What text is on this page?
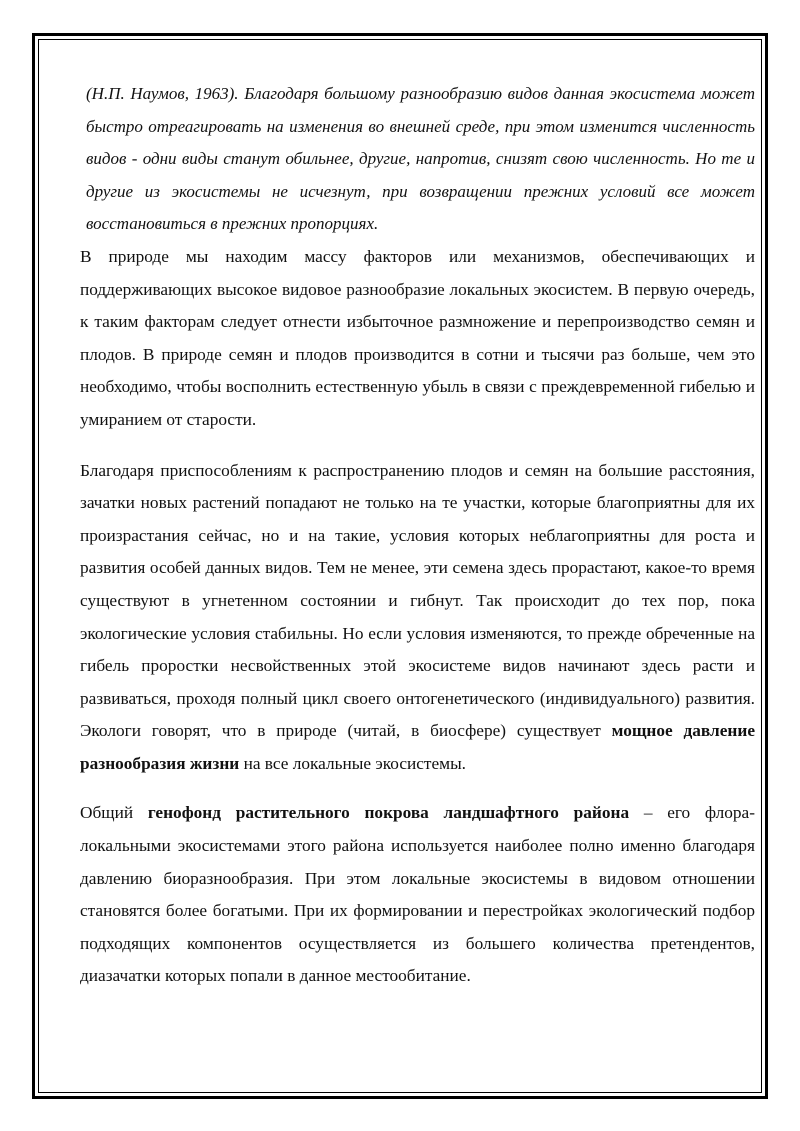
(Н.П. Наумов, 1963). Благодаря большому разнообразию видов данная экосистема может быстро отреагировать на изменения во внешней среде, при этом изменится численность видов - одни виды станут обильнее, другие, напротив, снизят свою численность. Но те и другие из экосистемы не исчезнут, при возвращении прежних условий все может восстановиться в прежних пропорциях.

В природе мы находим массу факторов или механизмов, обеспечивающих и поддерживающих высокое видовое разнообразие локальных экосистем. В первую очередь, к таким факторам следует отнести избыточное размножение и перепроизводство семян и плодов. В природе семян и плодов производится в сотни и тысячи раз больше, чем это необходимо, чтобы восполнить естественную убыль в связи с преждевременной гибелью и умиранием от старости.

Благодаря приспособлениям к распространению плодов и семян на большие расстояния, зачатки новых растений попадают не только на те участки, которые благоприятны для их произрастания сейчас, но и на такие, условия которых неблагоприятны для роста и развития особей данных видов. Тем не менее, эти семена здесь прорастают, какое-то время существуют в угнетенном состоянии и гибнут. Так происходит до тех пор, пока экологические условия стабильны. Но если условия изменяются, то прежде обреченные на гибель проростки несвойственных этой экосистеме видов начинают здесь расти и развиваться, проходя полный цикл своего онтогенетического (индивидуального) развития. Экологи говорят, что в природе (читай, в биосфере) существует мощное давление разнообразия жизни на все локальные экосистемы.

Общий генофонд растительного покрова ландшафтного района – его флора-локальными экосистемами этого района используется наиболее полно именно благодаря давлению биоразнообразия. При этом локальные экосистемы в видовом отношении становятся более богатыми. При их формировании и перестройках экологический подбор подходящих компонентов осуществляется из большего количества претендентов, диазачатки которых попали в данное местообитание.
